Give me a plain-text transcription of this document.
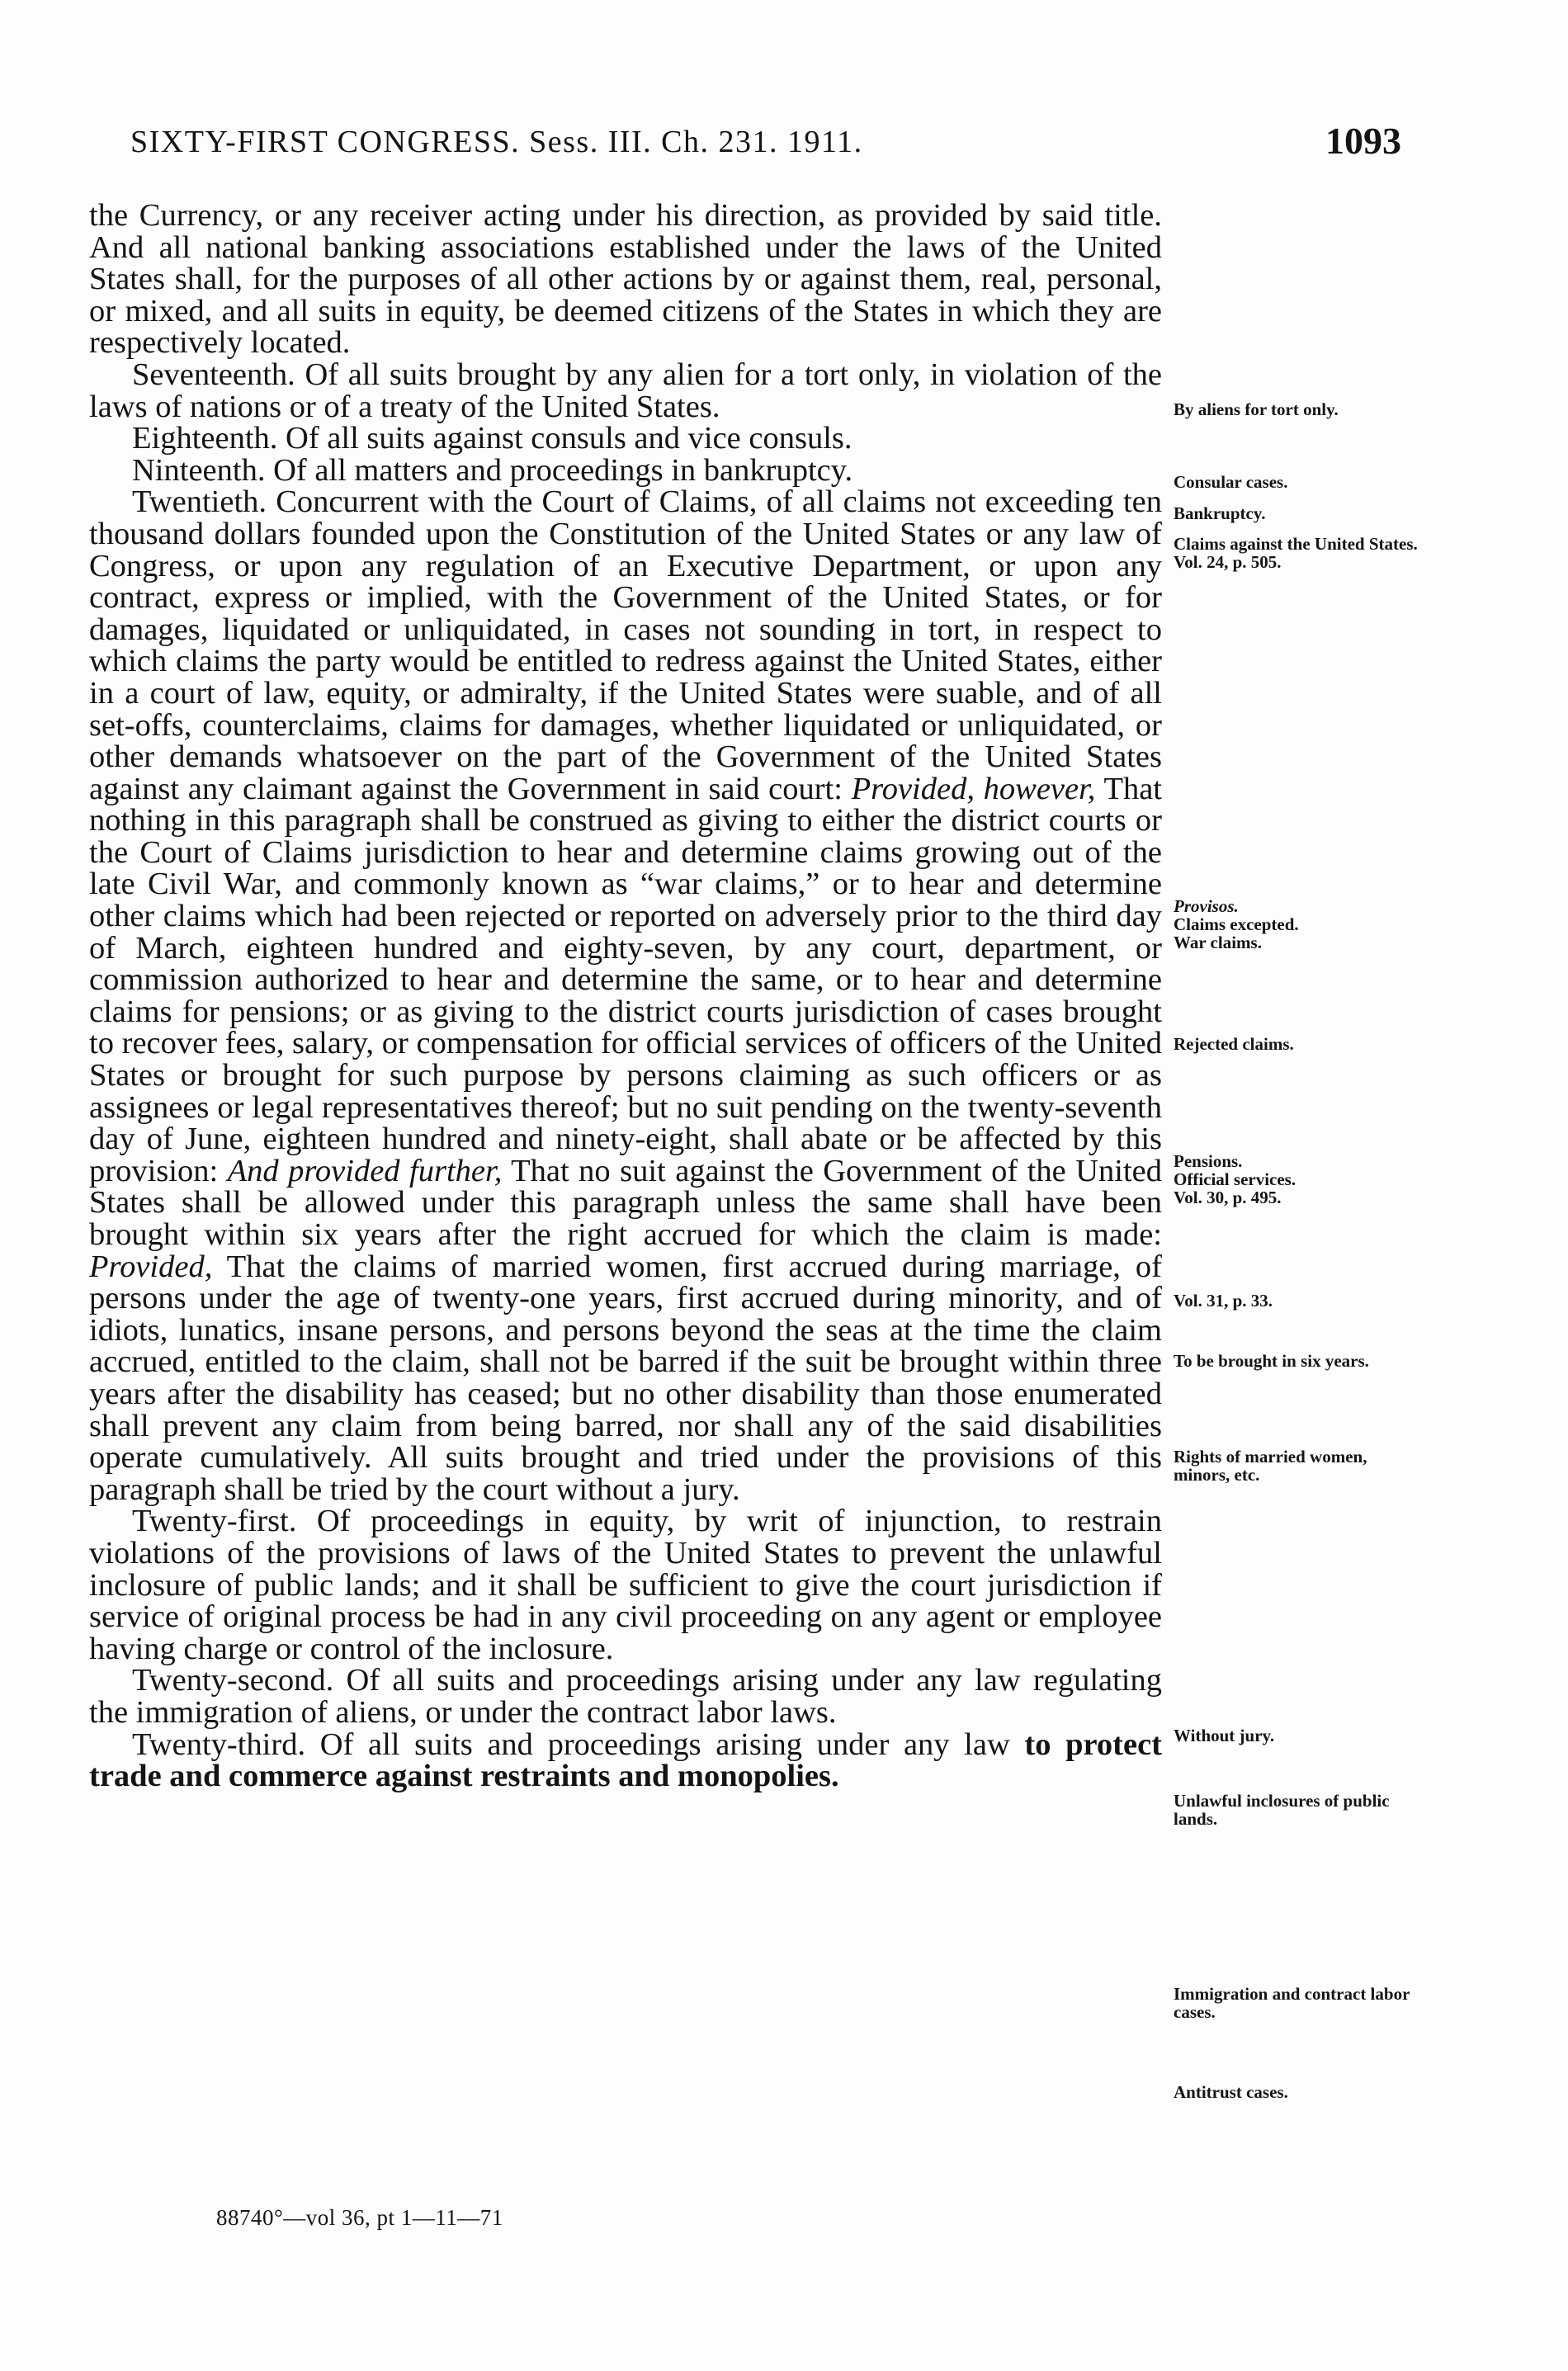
SIXTY-FIRST CONGRESS. Sess. III. Ch. 231. 1911.	1093

the Currency, or any receiver acting under his direction, as provided by said title. And all national banking associations established under the laws of the United States shall, for the purposes of all other actions by or against them, real, personal, or mixed, and all suits in equity, be deemed citizens of the States in which they are respectively located.

Seventeenth. Of all suits brought by any alien for a tort only, in violation of the laws of nations or of a treaty of the United States.

Eighteenth. Of all suits against consuls and vice consuls.

Ninteenth. Of all matters and proceedings in bankruptcy.

Twentieth. Concurrent with the Court of Claims, of all claims not exceeding ten thousand dollars founded upon the Constitution of the United States or any law of Congress, or upon any regulation of an Executive Department, or upon any contract, express or implied, with the Government of the United States, or for damages, liquidated or unliquidated, in cases not sounding in tort, in respect to which claims the party would be entitled to redress against the United States, either in a court of law, equity, or admiralty, if the United States were suable, and of all set-offs, counterclaims, claims for damages, whether liquidated or unliquidated, or other demands whatsoever on the part of the Government of the United States against any claimant against the Government in said court: Provided, however, That nothing in this paragraph shall be construed as giving to either the district courts or the Court of Claims jurisdiction to hear and determine claims growing out of the late Civil War, and commonly known as “war claims,” or to hear and determine other claims which had been rejected or reported on adversely prior to the third day of March, eighteen hundred and eighty-seven, by any court, department, or commission authorized to hear and determine the same, or to hear and determine claims for pensions; or as giving to the district courts jurisdiction of cases brought to recover fees, salary, or compensation for official services of officers of the United States or brought for such purpose by persons claiming as such officers or as assignees or legal representatives thereof; but no suit pending on the twenty-seventh day of June, eighteen hundred and ninety-eight, shall abate or be affected by this provision: And provided further, That no suit against the Government of the United States shall be allowed under this paragraph unless the same shall have been brought within six years after the right accrued for which the claim is made: Provided, That the claims of married women, first accrued during marriage, of persons under the age of twenty-one years, first accrued during minority, and of idiots, lunatics, insane persons, and persons beyond the seas at the time the claim accrued, entitled to the claim, shall not be barred if the suit be brought within three years after the disability has ceased; but no other disability than those enumerated shall prevent any claim from being barred, nor shall any of the said disabilities operate cumulatively. All suits brought and tried under the provisions of this paragraph shall be tried by the court without a jury.

Twenty-first. Of proceedings in equity, by writ of injunction, to restrain violations of the provisions of laws of the United States to prevent the unlawful inclosure of public lands; and it shall be sufficient to give the court jurisdiction if service of original process be had in any civil proceeding on any agent or employee having charge or control of the inclosure.

Twenty-second. Of all suits and proceedings arising under any law regulating the immigration of aliens, or under the contract labor laws.

Twenty-third. Of all suits and proceedings arising under any law to protect trade and commerce against restraints and monopolies.

By aliens for tort only.
Consular cases.
Bankruptcy.
Claims against the United States.
Vol. 24, p. 505.
Provisos.
Claims excepted.
War claims.
Rejected claims.
Pensions.
Official services.
Vol. 30, p. 495.
Vol. 31, p. 33.
To be brought in six years.
Rights of married women, minors, etc.
Without jury.
Unlawful inclosures of public lands.
Immigration and contract labor cases.
Antitrust cases.
88740°—vol 36, pt 1—11—71
